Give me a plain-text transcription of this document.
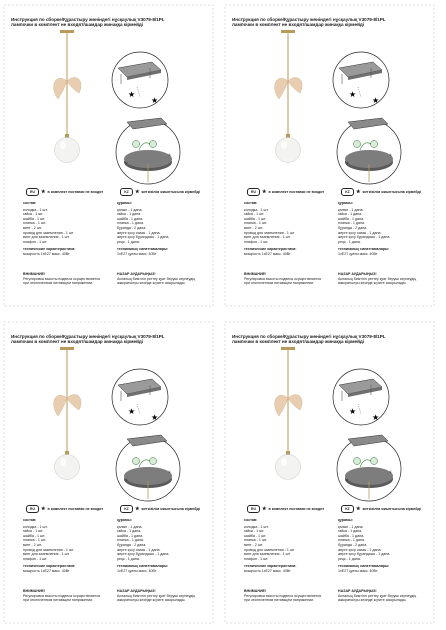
Инструкция по сборке/Құрастыру жөніндегі нұсқаулық V3079-8/1PL
лампочки в комплект не входят/шамдар жинаққа кірмейді
★
★
②
①
RU ★ в комплект поставки не входит	KZ ★ жеткізілім жиынтығына кірмейді
состав:
колодка - 1 шт.
гайка - 1 шт.
шайба - 1 шт.
планка - 1 шт.
винт - 2 шт.
провод для заземления - 1 шт
винт для заземления - 1 шт
плафон - 1 шт.
технические характеристики:
мощность 1хЕ27 макс. 40Вт
құрамы:
қалып - 1 дана.
гайка - 1 дана.
шайба - 1 дана.
планка - 1 дана.
бұранда - 2 дана.
жерге қосу сымы - 1 дана.
жерге қосу бұрандасы - 1 дана.
реңк - 1 дана.
техникалық сипаттамалары:
1хЕ27 қуаты макс. 40Вт
ВНИМАНИЕ!
Регулировка высоты подвеса осуществляется
при отключенном питающем напряжении.
НАЗАР АУДАРЫҢЫЗ!
Аспалың биіктігін реттеу қуат беруші кернеудің
ажыратылуы кезінде жүзеге асырылады.
Инструкция по сборке/Құрастыру жөніндегі нұсқаулық V3079-8/1PL
лампочки в комплект не входят/шамдар жинаққа кірмейді
★
★
②
①
RU ★ в комплект поставки не входит	KZ ★ жеткізілім жиынтығына кірмейді
состав:
колодка - 1 шт.
гайка - 1 шт.
шайба - 1 шт.
планка - 1 шт.
винт - 2 шт.
провод для заземления - 1 шт
винт для заземления - 1 шт
плафон - 1 шт.
технические характеристики:
мощность 1хЕ27 макс. 40Вт
құрамы:
қалып - 1 дана.
гайка - 1 дана.
шайба - 1 дана.
планка - 1 дана.
бұранда - 2 дана.
жерге қосу сымы - 1 дана.
жерге қосу бұрандасы - 1 дана.
реңк - 1 дана.
техникалық сипаттамалары:
1хЕ27 қуаты макс. 40Вт
ВНИМАНИЕ!
Регулировка высоты подвеса осуществляется
при отключенном питающем напряжении.
НАЗАР АУДАРЫҢЫЗ!
Аспалың биіктігін реттеу қуат беруші кернеудің
ажыратылуы кезінде жүзеге асырылады.
Инструкция по сборке/Құрастыру жөніндегі нұсқаулық V3079-8/1PL
лампочки в комплект не входят/шамдар жинаққа кірмейді
★
★
②
①
RU ★ в комплект поставки не входит	KZ ★ жеткізілім жиынтығына кірмейді
состав:
колодка - 1 шт.
гайка - 1 шт.
шайба - 1 шт.
планка - 1 шт.
винт - 2 шт.
провод для заземления - 1 шт
винт для заземления - 1 шт
плафон - 1 шт.
технические характеристики:
мощность 1хЕ27 макс. 40Вт
құрамы:
қалып - 1 дана.
гайка - 1 дана.
шайба - 1 дана.
планка - 1 дана.
бұранда - 2 дана.
жерге қосу сымы - 1 дана.
жерге қосу бұрандасы - 1 дана.
реңк - 1 дана.
техникалық сипаттамалары:
1хЕ27 қуаты макс. 40Вт
ВНИМАНИЕ!
Регулировка высоты подвеса осуществляется
при отключенном питающем напряжении.
НАЗАР АУДАРЫҢЫЗ!
Аспалың биіктігін реттеу қуат беруші кернеудің
ажыратылуы кезінде жүзеге асырылады.
Инструкция по сборке/Құрастыру жөніндегі нұсқаулық V3079-8/1PL
лампочки в комплект не входят/шамдар жинаққа кірмейді
★
★
②
①
RU ★ в комплект поставки не входит	KZ ★ жеткізілім жиынтығына кірмейді
состав:
колодка - 1 шт.
гайка - 1 шт.
шайба - 1 шт.
планка - 1 шт.
винт - 2 шт.
провод для заземления - 1 шт
винт для заземления - 1 шт
плафон - 1 шт.
технические характеристики:
мощность 1хЕ27 макс. 40Вт
құрамы:
қалып - 1 дана.
гайка - 1 дана.
шайба - 1 дана.
планка - 1 дана.
бұранда - 2 дана.
жерге қосу сымы - 1 дана.
жерге қосу бұрандасы - 1 дана.
реңк - 1 дана.
техникалық сипаттамалары:
1хЕ27 қуаты макс. 40Вт
ВНИМАНИЕ!
Регулировка высоты подвеса осуществляется
при отключенном питающем напряжении.
НАЗАР АУДАРЫҢЫЗ!
Аспалың биіктігін реттеу қуат беруші кернеудің
ажыратылуы кезінде жүзеге асырылады.
